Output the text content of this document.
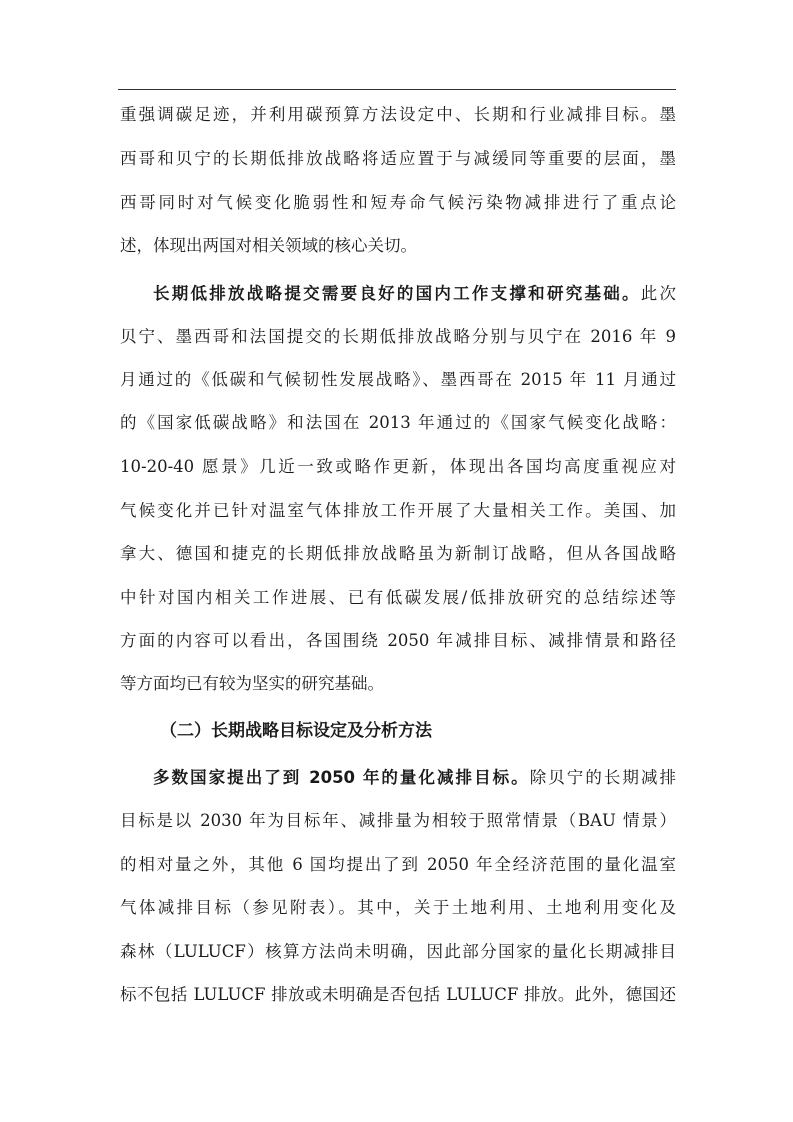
重强调碳足迹，并利用碳预算方法设定中、长期和行业减排目标。墨
西哥和贝宁的长期低排放战略将适应置于与减缓同等重要的层面，墨
西哥同时对气候变化脆弱性和短寿命气候污染物减排进行了重点论
述，体现出两国对相关领域的核心关切。
长期低排放战略提交需要良好的国内工作支撑和研究基础。此次
贝宁、墨西哥和法国提交的长期低排放战略分别与贝宁在 2016 年 9
月通过的《低碳和气候韧性发展战略》、墨西哥在 2015 年 11 月通过
的《国家低碳战略》和法国在 2013 年通过的《国家气候变化战略：
10-20-40 愿景》几近一致或略作更新，体现出各国均高度重视应对
气候变化并已针对温室气体排放工作开展了大量相关工作。美国、加
拿大、德国和捷克的长期低排放战略虽为新制订战略，但从各国战略
中针对国内相关工作进展、已有低碳发展/低排放研究的总结综述等
方面的内容可以看出，各国围绕 2050 年减排目标、减排情景和路径
等方面均已有较为坚实的研究基础。
（二）长期战略目标设定及分析方法
多数国家提出了到 2050 年的量化减排目标。除贝宁的长期减排
目标是以 2030 年为目标年、减排量为相较于照常情景（BAU 情景）
的相对量之外，其他 6 国均提出了到 2050 年全经济范围的量化温室
气体减排目标（参见附表）。其中，关于土地利用、土地利用变化及
森林（LULUCF）核算方法尚未明确，因此部分国家的量化长期减排目
标不包括 LULUCF 排放或未明确是否包括 LULUCF 排放。此外，德国还
